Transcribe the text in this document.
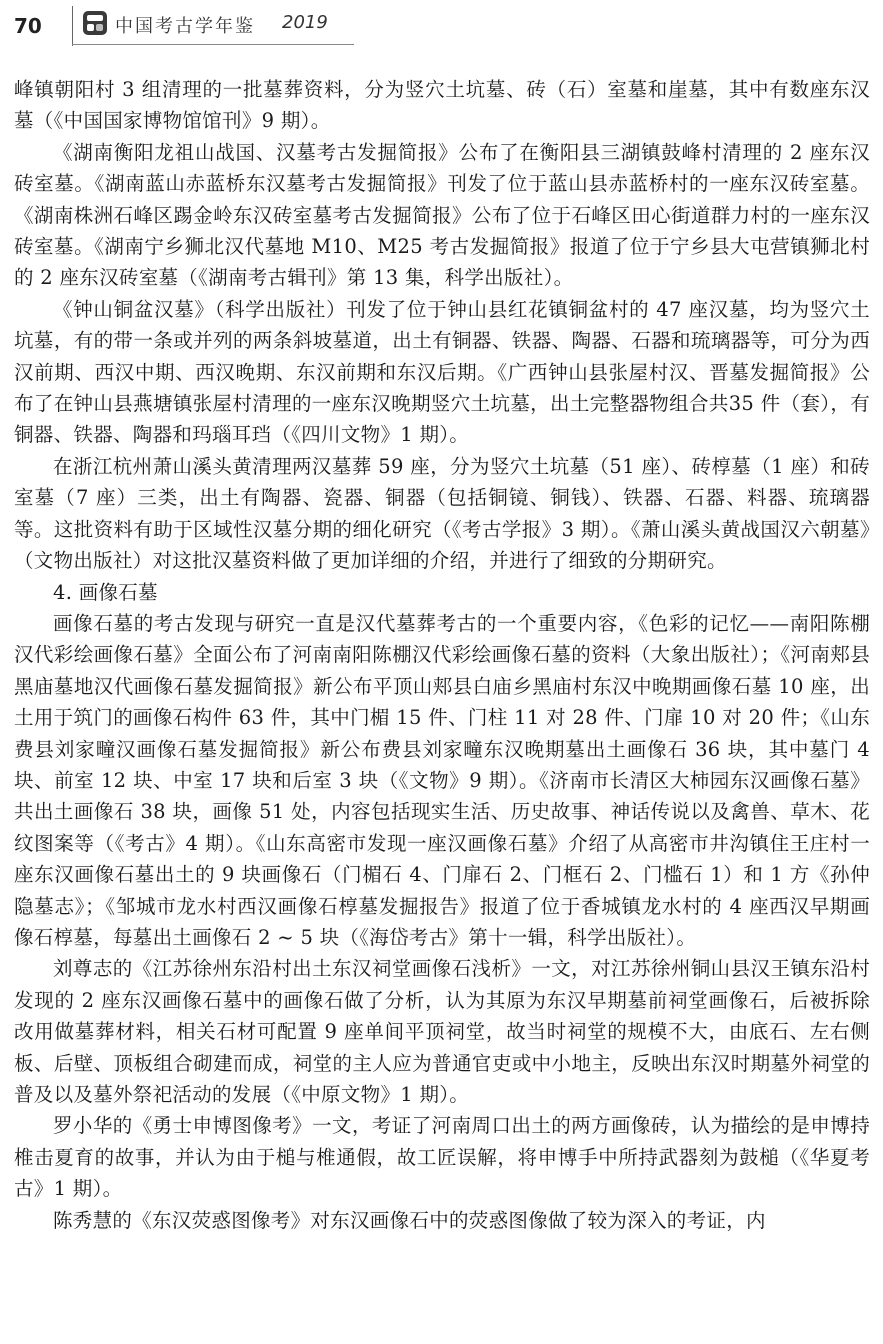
70	中国考古学年鉴 2019

峰镇朝阳村 3 组清理的一批墓葬资料，分为竖穴土坑墓、砖（石）室墓和崖墓，其中有数座东汉墓（《中国国家博物馆馆刊》9 期）。

《湖南衡阳龙祖山战国、汉墓考古发掘简报》公布了在衡阳县三湖镇鼓峰村清理的 2 座东汉砖室墓。《湖南蓝山赤蓝桥东汉墓考古发掘简报》刊发了位于蓝山县赤蓝桥村的一座东汉砖室墓。《湖南株洲石峰区踢金岭东汉砖室墓考古发掘简报》公布了位于石峰区田心街道群力村的一座东汉砖室墓。《湖南宁乡狮北汉代墓地 M10、M25 考古发掘简报》报道了位于宁乡县大屯营镇狮北村的 2 座东汉砖室墓（《湖南考古辑刊》第 13 集，科学出版社）。

《钟山铜盆汉墓》（科学出版社）刊发了位于钟山县红花镇铜盆村的 47 座汉墓，均为竖穴土坑墓，有的带一条或并列的两条斜坡墓道，出土有铜器、铁器、陶器、石器和琉璃器等，可分为西汉前期、西汉中期、西汉晚期、东汉前期和东汉后期。《广西钟山县张屋村汉、晋墓发掘简报》公布了在钟山县燕塘镇张屋村清理的一座东汉晚期竖穴土坑墓，出土完整器物组合共35 件（套），有铜器、铁器、陶器和玛瑙耳珰（《四川文物》1 期）。

在浙江杭州萧山溪头黄清理两汉墓葬 59 座，分为竖穴土坑墓（51 座）、砖椁墓（1 座）和砖室墓（7 座）三类，出土有陶器、瓷器、铜器（包括铜镜、铜钱）、铁器、石器、料器、琉璃器等。这批资料有助于区域性汉墓分期的细化研究（《考古学报》3 期）。《萧山溪头黄战国汉六朝墓》（文物出版社）对这批汉墓资料做了更加详细的介绍，并进行了细致的分期研究。

4. 画像石墓

画像石墓的考古发现与研究一直是汉代墓葬考古的一个重要内容，《色彩的记忆——南阳陈棚汉代彩绘画像石墓》全面公布了河南南阳陈棚汉代彩绘画像石墓的资料（大象出版社）；《河南郏县黑庙墓地汉代画像石墓发掘简报》新公布平顶山郏县白庙乡黑庙村东汉中晚期画像石墓 10 座，出土用于筑门的画像石构件 63 件，其中门楣 15 件、门柱 11 对 28 件、门扉 10 对 20 件；《山东费县刘家疃汉画像石墓发掘简报》新公布费县刘家疃东汉晚期墓出土画像石 36 块，其中墓门 4 块、前室 12 块、中室 17 块和后室 3 块（《文物》9 期）。《济南市长清区大柿园东汉画像石墓》共出土画像石 38 块，画像 51 处，内容包括现实生活、历史故事、神话传说以及禽兽、草木、花纹图案等（《考古》4 期）。《山东高密市发现一座汉画像石墓》介绍了从高密市井沟镇住王庄村一座东汉画像石墓出土的 9 块画像石（门楣石 4、门扉石 2、门框石 2、门槛石 1）和 1 方《孙仲隐墓志》；《邹城市龙水村西汉画像石椁墓发掘报告》报道了位于香城镇龙水村的 4 座西汉早期画像石椁墓，每墓出土画像石 2 ~ 5 块（《海岱考古》第十一辑，科学出版社）。

刘尊志的《江苏徐州东沿村出土东汉祠堂画像石浅析》一文，对江苏徐州铜山县汉王镇东沿村发现的 2 座东汉画像石墓中的画像石做了分析，认为其原为东汉早期墓前祠堂画像石，后被拆除改用做墓葬材料，相关石材可配置 9 座单间平顶祠堂，故当时祠堂的规模不大，由底石、左右侧板、后壁、顶板组合砌建而成，祠堂的主人应为普通官吏或中小地主，反映出东汉时期墓外祠堂的普及以及墓外祭祀活动的发展（《中原文物》1 期）。

罗小华的《勇士申博图像考》一文，考证了河南周口出土的两方画像砖，认为描绘的是申博持椎击夏育的故事，并认为由于槌与椎通假，故工匠误解，将申博手中所持武器刻为鼓槌（《华夏考古》1 期）。

陈秀慧的《东汉荧惑图像考》对东汉画像石中的荧惑图像做了较为深入的考证，内
